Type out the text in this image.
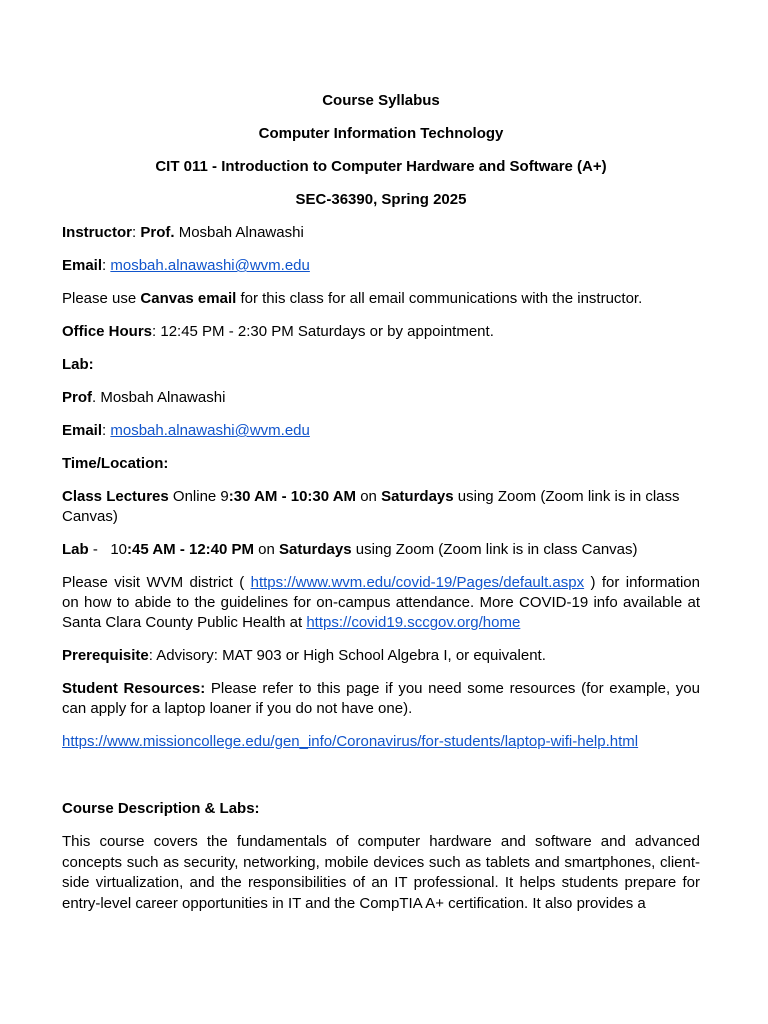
Course Syllabus
Computer Information Technology
CIT 011 - Introduction to Computer Hardware and Software (A+)
SEC-36390, Spring 2025

Instructor: Prof. Mosbah Alnawashi

Email: mosbah.alnawashi@wvm.edu

Please use Canvas email for this class for all email communications with the instructor.

Office Hours: 12:45 PM - 2:30 PM Saturdays or by appointment.

Lab:

Prof. Mosbah Alnawashi

Email: mosbah.alnawashi@wvm.edu

Time/Location:

Class Lectures Online 9:30 AM - 10:30 AM on Saturdays using Zoom (Zoom link is in class Canvas)

Lab -   10:45 AM - 12:40 PM on Saturdays using Zoom (Zoom link is in class Canvas)

Please visit WVM district ( https://www.wvm.edu/covid-19/Pages/default.aspx ) for information on how to abide to the guidelines for on-campus attendance. More COVID-19 info available at Santa Clara County Public Health at https://covid19.sccgov.org/home

Prerequisite: Advisory: MAT 903 or High School Algebra I, or equivalent.

Student Resources: Please refer to this page if you need some resources (for example, you can apply for a laptop loaner if you do not have one).

https://www.missioncollege.edu/gen_info/Coronavirus/for-students/laptop-wifi-help.html

Course Description & Labs:

This course covers the fundamentals of computer hardware and software and advanced concepts such as security, networking, mobile devices such as tablets and smartphones, client-side virtualization, and the responsibilities of an IT professional. It helps students prepare for entry-level career opportunities in IT and the CompTIA A+ certification. It also provides a
